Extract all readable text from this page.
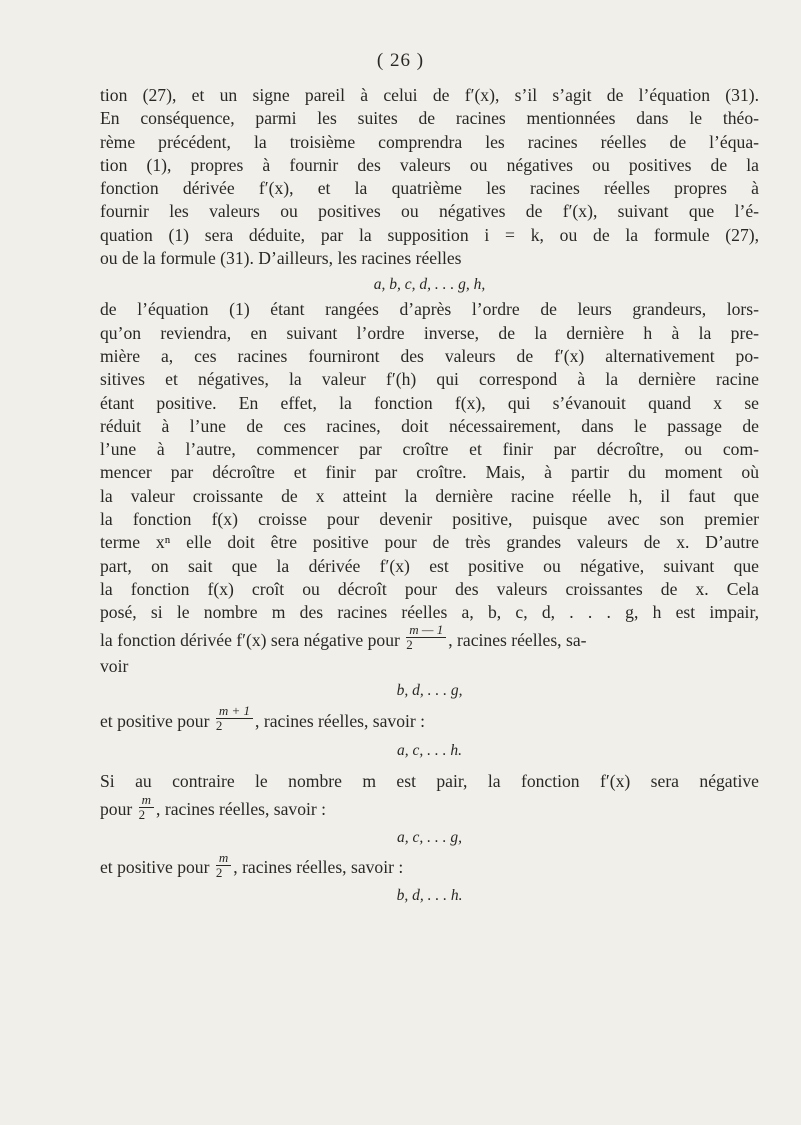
( 26 )
tion (27), et un signe pareil à celui de f′(x), s’il s’agit de l’équation (31).
En conséquence, parmi les suites de racines mentionnées dans le théo-
rème précédent, la troisième comprendra les racines réelles de l’équa-
tion (1), propres à fournir des valeurs ou négatives ou positives de la
fonction dérivée f′(x), et la quatrième les racines réelles propres à
fournir les valeurs ou positives ou négatives de f′(x), suivant que l’é-
quation (1) sera déduite, par la supposition i = k, ou de la formule (27),
ou de la formule (31). D’ailleurs, les racines réelles
a, b, c, d, . . . g, h,
de l’équation (1) étant rangées d’après l’ordre de leurs grandeurs, lors-
qu’on reviendra, en suivant l’ordre inverse, de la dernière h à la pre-
mière a, ces racines fourniront des valeurs de f′(x) alternativement po-
sitives et négatives, la valeur f′(h) qui correspond à la dernière racine
étant positive. En effet, la fonction f(x), qui s’évanouit quand x se
réduit à l’une de ces racines, doit nécessairement, dans le passage de
l’une à l’autre, commencer par croître et finir par décroître, ou com-
mencer par décroître et finir par croître. Mais, à partir du moment où
la valeur croissante de x atteint la dernière racine réelle h, il faut que
la fonction f(x) croisse pour devenir positive, puisque avec son premier
terme xⁿ elle doit être positive pour de très grandes valeurs de x. D’autre
part, on sait que la dérivée f′(x) est positive ou négative, suivant que
la fonction f(x) croît ou décroît pour des valeurs croissantes de x. Cela
posé, si le nombre m des racines réelles a, b, c, d, . . . g, h est impair,
la fonction dérivée f′(x) sera négative pour $\frac{m — 1}{2}$ , racines réelles, sa-
voir
b, d, . . . g,
et positive pour $\frac{m + 1}{2}$ , racines réelles, savoir :
a, c, . . . h.
Si au contraire le nombre m est pair, la fonction f′(x) sera négative
pour $\frac{m}{2}$ , racines réelles, savoir :
a, c, . . . g,
et positive pour $\frac{m}{2}$ , racines réelles, savoir :
b, d, . . . h.
